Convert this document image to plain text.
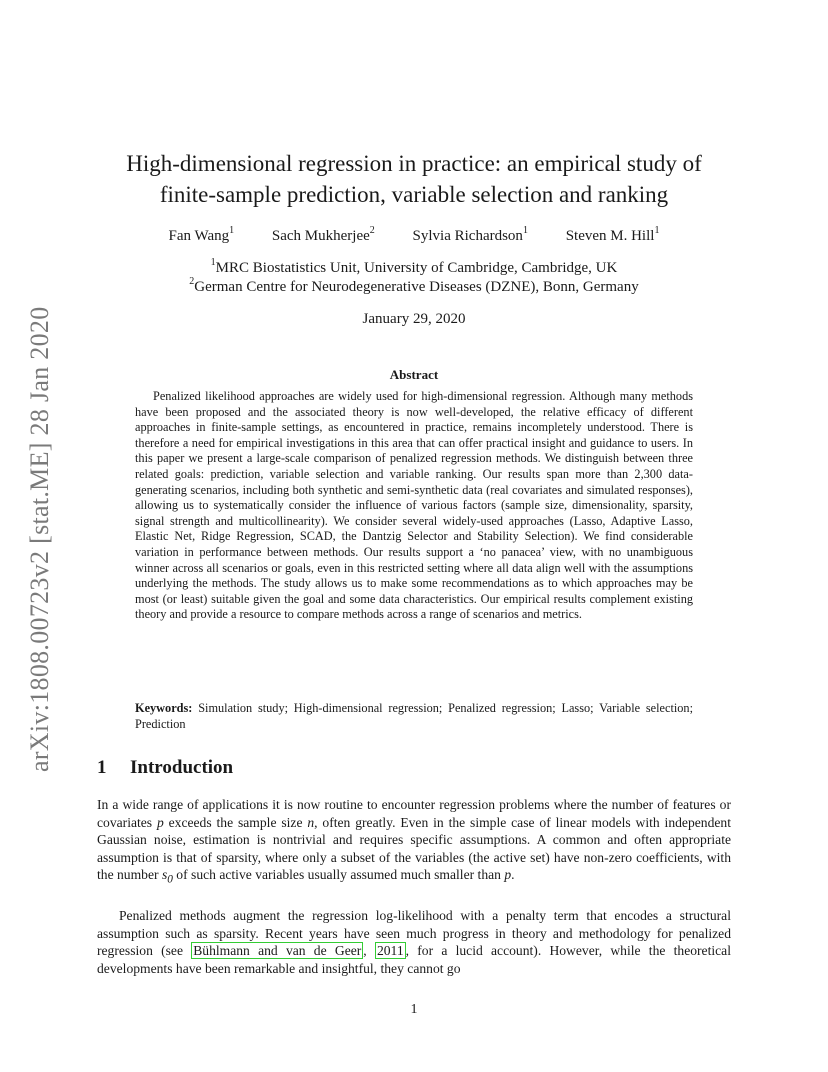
arXiv:1808.00723v2 [stat.ME] 28 Jan 2020
High-dimensional regression in practice: an empirical study of
finite-sample prediction, variable selection and ranking
Fan Wang$^1$	Sach Mukherjee$^2$	Sylvia Richardson$^1$	Steven M. Hill$^1$
$^1$MRC Biostatistics Unit, University of Cambridge, Cambridge, UK
$^2$German Centre for Neurodegenerative Diseases (DZNE), Bonn, Germany
January 29, 2020
Abstract

Penalized likelihood approaches are widely used for high-dimensional regression. Although many methods have been proposed and the associated theory is now well-developed, the relative efficacy of different approaches in finite-sample settings, as encountered in practice, remains incompletely understood. There is therefore a need for empirical investigations in this area that can offer practical insight and guidance to users. In this paper we present a large-scale comparison of penalized regression methods. We distinguish between three related goals: prediction, variable selection and variable ranking. Our results span more than 2,300 data-generating scenarios, including both synthetic and semi-synthetic data (real covariates and simulated responses), allowing us to systematically consider the influence of various factors (sample size, dimensionality, sparsity, signal strength and multicollinearity). We consider several widely-used approaches (Lasso, Adaptive Lasso, Elastic Net, Ridge Regression, SCAD, the Dantzig Selector and Stability Selection). We find considerable variation in performance between methods. Our results support a ‘no panacea’ view, with no unambiguous winner across all scenarios or goals, even in this restricted setting where all data align well with the assumptions underlying the methods. The study allows us to make some recommendations as to which approaches may be most (or least) suitable given the goal and some data characteristics. Our empirical results complement existing theory and provide a resource to compare methods across a range of scenarios and metrics.

Keywords: Simulation study; High-dimensional regression; Penalized regression; Lasso; Variable selection; Prediction

1 Introduction

In a wide range of applications it is now routine to encounter regression problems where the number of features or covariates p exceeds the sample size n, often greatly. Even in the simple case of linear models with independent Gaussian noise, estimation is nontrivial and requires specific assumptions. A common and often appropriate assumption is that of sparsity, where only a subset of the variables (the active set) have non-zero coefficients, with the number $s_0$ of such active variables usually assumed much smaller than p.

Penalized methods augment the regression log-likelihood with a penalty term that encodes a structural assumption such as sparsity. Recent years have seen much progress in theory and methodology for penalized regression (see Bühlmann and van de Geer , 2011 , for a lucid account). However, while the theoretical developments have been remarkable and insightful, they cannot go

1
